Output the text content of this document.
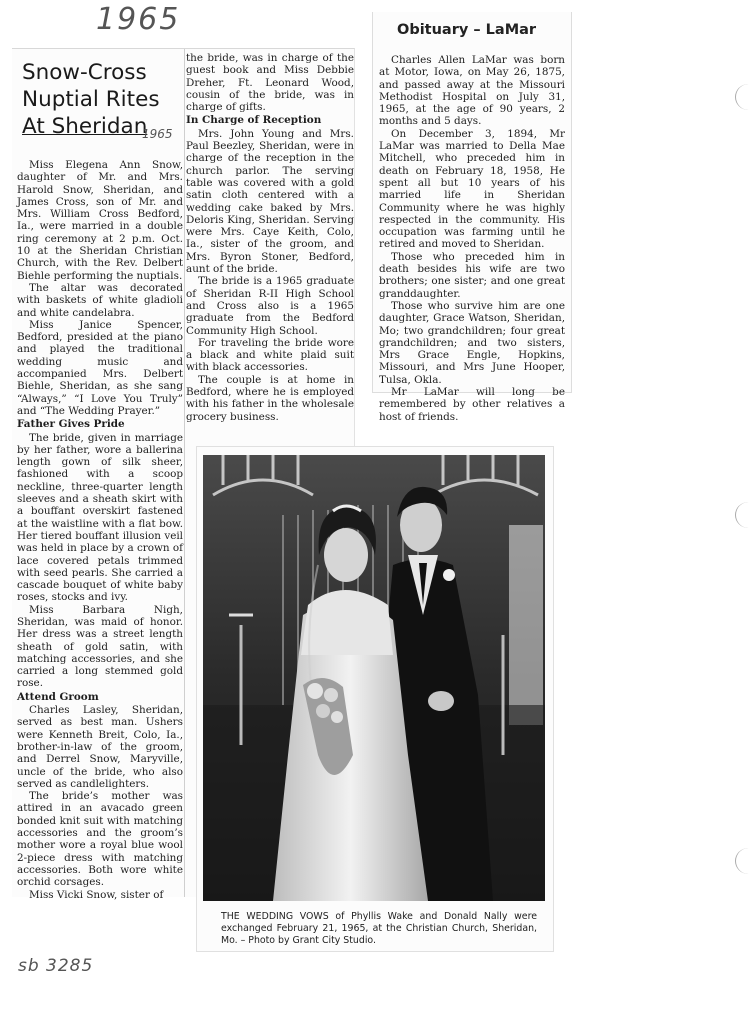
1965
Snow-Cross
Nuptial Rites
At Sheridan
1965

Miss Elegena Ann Snow, daughter of Mr. and Mrs. Harold Snow, Sheridan, and James Cross, son of Mr. and Mrs. William Cross Bedford, Ia., were married in a double ring ceremony at 2 p.m. Oct. 10 at the Sheridan Christian Church, with the Rev. Delbert Biehle performing the nuptials.

The altar was decorated with baskets of white gladioli and white candelabra.

Miss Janice Spencer, Bedford, presided at the piano and played the traditional wedding music and accompanied Mrs. Delbert Biehle, Sheridan, as she sang “Always,” “I Love You Truly” and “The Wedding Prayer.”

Father Gives Pride

The bride, given in marriage by her father, wore a ballerina length gown of silk sheer, fashioned with a scoop neckline, three-quarter length sleeves and a sheath skirt with a bouffant overskirt fastened at the waistline with a flat bow. Her tiered bouffant illusion veil was held in place by a crown of lace covered petals trimmed with seed pearls. She carried a cascade bouquet of white baby roses, stocks and ivy.

Miss Barbara Nigh, Sheridan, was maid of honor. Her dress was a street length sheath of gold satin, with matching accessories, and she carried a long stemmed gold rose.

Attend Groom

Charles Lasley, Sheridan, served as best man. Ushers were Kenneth Breit, Colo, Ia., brother-in-law of the groom, and Derrel Snow, Maryville, uncle of the bride, who also served as candlelighters.

The bride’s mother was attired in an avacado green bonded knit suit with matching accessories and the groom’s mother wore a royal blue wool 2-piece dress with matching accessories. Both wore white orchid corsages.

Miss Vicki Snow, sister of

the bride, was in charge of the guest book and Miss Debbie Dreher, Ft. Leonard Wood, cousin of the bride, was in charge of gifts.

In Charge of Reception

Mrs. John Young and Mrs. Paul Beezley, Sheridan, were in charge of the reception in the church parlor. The serving table was covered with a gold satin cloth centered with a wedding cake baked by Mrs. Deloris King, Sheridan. Serving were Mrs. Caye Keith, Colo, Ia., sister of the groom, and Mrs. Byron Stoner, Bedford, aunt of the bride.

The bride is a 1965 graduate of Sheridan R-II High School and Cross also is a 1965 graduate from the Bedford Community High School.

For traveling the bride wore a black and white plaid suit with black accessories.

The couple is at home in Bedford, where he is employed with his father in the wholesale grocery business.

Obituary – LaMar

Charles Allen LaMar was born at Motor, Iowa, on May 26, 1875, and passed away at the Missouri Methodist Hospital on July 31, 1965, at the age of 90 years, 2 months and 5 days.

On December 3, 1894, Mr LaMar was married to Della Mae Mitchell, who preceded him in death on February 18, 1958, He spent all but 10 years of his married life in Sheridan Community where he was highly respected in the community. His occupation was farming until he retired and moved to Sheridan.

Those who preceded him in death besides his wife are two brothers; one sister; and one great granddaughter.

Those who survive him are one daughter, Grace Watson, Sheridan, Mo; two grandchildren; four great grandchildren; and two sisters, Mrs Grace Engle, Hopkins, Missouri, and Mrs June Hooper, Tulsa, Okla.

Mr LaMar will long be remembered by other relatives a host of friends.

THE WEDDING VOWS of Phyllis Wake and Donald Nally were exchanged February 21, 1965, at the Christian Church, Sheridan, Mo. – Photo by Grant City Studio.
sb 3285
